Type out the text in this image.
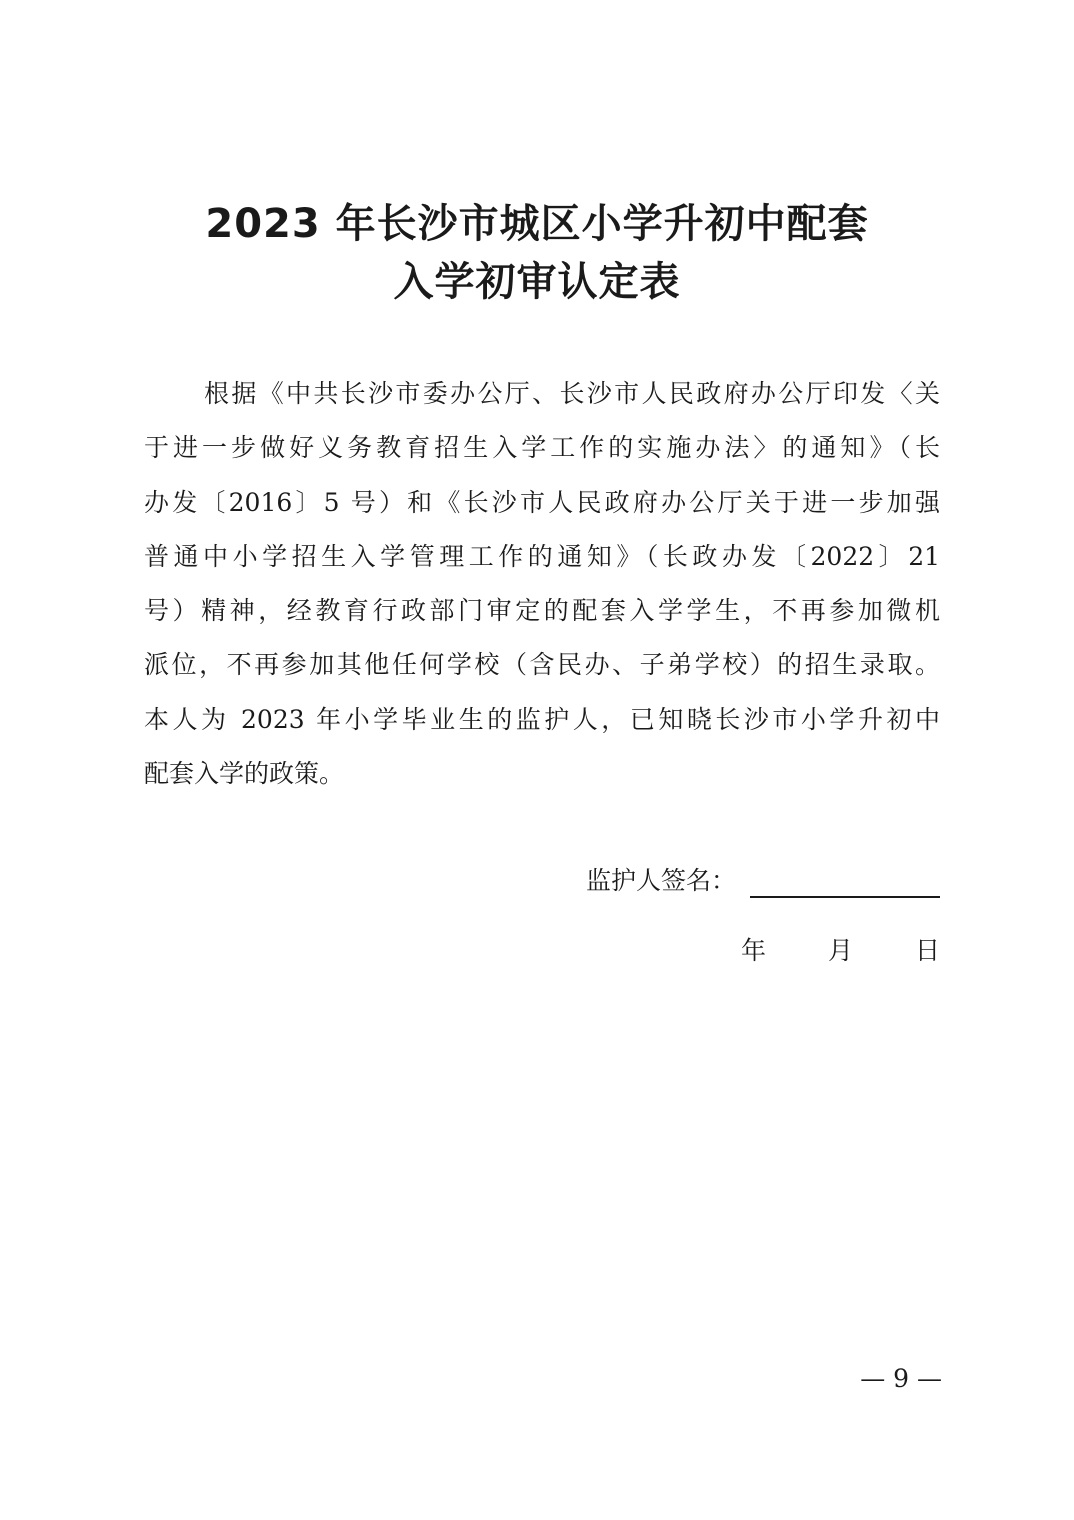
2023 年长沙市城区小学升初中配套
入学初审认定表
根据《中共长沙市委办公厅、长沙市人民政府办公厅印发〈关
于进一步做好义务教育招生入学工作的实施办法〉的通知》（长
办发〔2016〕5 号）和《长沙市人民政府办公厅关于进一步加强
普通中小学招生入学管理工作的通知》（长政办发〔2022〕21
号）精神，经教育行政部门审定的配套入学学生，不再参加微机
派位，不再参加其他任何学校（含民办、子弟学校）的招生录取。
本人为 2023 年小学毕业生的监护人，已知晓长沙市小学升初中
配套入学的政策。
监护人签名：
年 月 日
— 9 —
